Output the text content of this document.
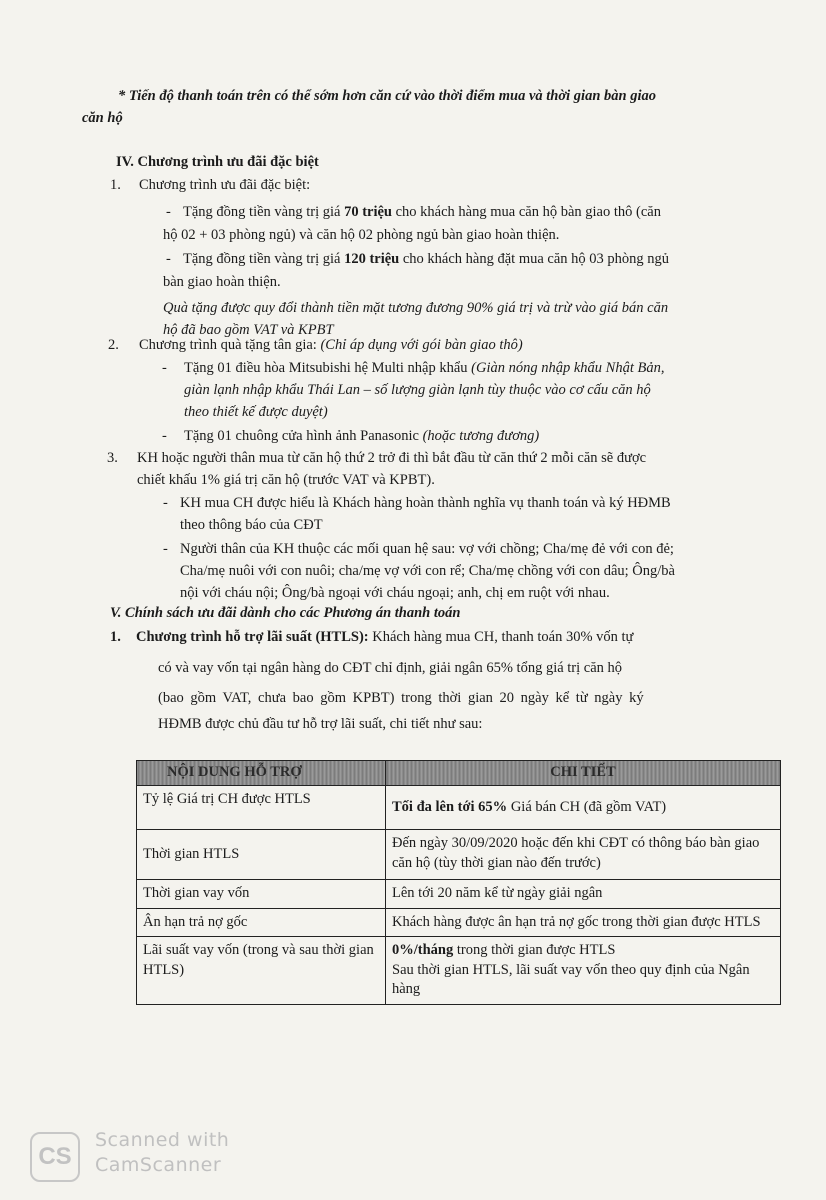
* Tiến độ thanh toán trên có thể sớm hơn căn cứ vào thời điểm mua và thời gian bàn giao
căn hộ
IV. Chương trình ưu đãi đặc biệt
1. Chương trình ưu đãi đặc biệt:
- Tặng đồng tiền vàng trị giá 70 triệu cho khách hàng mua căn hộ bàn giao thô (căn
hộ 02 + 03 phòng ngủ) và căn hộ 02 phòng ngủ bàn giao hoàn thiện.
- Tặng đồng tiền vàng trị giá 120 triệu cho khách hàng đặt mua căn hộ 03 phòng ngủ
bàn giao hoàn thiện.
Quà tặng được quy đổi thành tiền mặt tương đương 90% giá trị và trừ vào giá bán căn
hộ đã bao gồm VAT và KPBT
2. Chương trình quà tặng tân gia: (Chỉ áp dụng với gói bàn giao thô)
- Tặng 01 điều hòa Mitsubishi hệ Multi nhập khẩu (Giàn nóng nhập khẩu Nhật Bản,
giàn lạnh nhập khẩu Thái Lan – số lượng giàn lạnh tùy thuộc vào cơ cấu căn hộ
theo thiết kế được duyệt)
- Tặng 01 chuông cửa hình ảnh Panasonic (hoặc tương đương)
3. KH hoặc người thân mua từ căn hộ thứ 2 trở đi thì bắt đầu từ căn thứ 2 mỗi căn sẽ được
chiết khấu 1% giá trị căn hộ (trước VAT và KPBT).
- KH mua CH được hiểu là Khách hàng hoàn thành nghĩa vụ thanh toán và ký HĐMB
theo thông báo của CĐT
- Người thân của KH thuộc các mối quan hệ sau: vợ với chồng; Cha/mẹ đẻ với con đẻ;
Cha/mẹ nuôi với con nuôi; cha/mẹ vợ với con rể; Cha/mẹ chồng với con dâu; Ông/bà
nội với cháu nội; Ông/bà ngoại với cháu ngoại; anh, chị em ruột với nhau.
V. Chính sách ưu đãi dành cho các Phương án thanh toán
1. Chương trình hỗ trợ lãi suất (HTLS): Khách hàng mua CH, thanh toán 30% vốn tự
có và vay vốn tại ngân hàng do CĐT chỉ định, giải ngân 65% tổng giá trị căn hộ
(bao gồm VAT, chưa bao gồm KPBT) trong thời gian 20 ngày kể từ ngày ký
HĐMB được chủ đầu tư hỗ trợ lãi suất, chi tiết như sau:
NỘI DUNG HỖ TRỢ	CHI TIẾT
Tỷ lệ Giá trị CH được HTLS	Tối đa lên tới 65% Giá bán CH (đã gồm VAT)
Thời gian HTLS	Đến ngày 30/09/2020 hoặc đến khi CĐT có thông báo bàn giao căn hộ (tùy thời gian nào đến trước)
Thời gian vay vốn	Lên tới 20 năm kể từ ngày giải ngân
Ân hạn trả nợ gốc	Khách hàng được ân hạn trả nợ gốc trong thời gian được HTLS
Lãi suất vay vốn (trong và sau thời gian HTLS)	0%/tháng trong thời gian được HTLS
Sau thời gian HTLS, lãi suất vay vốn theo quy định của Ngân hàng
CS
Scanned with
CamScanner
